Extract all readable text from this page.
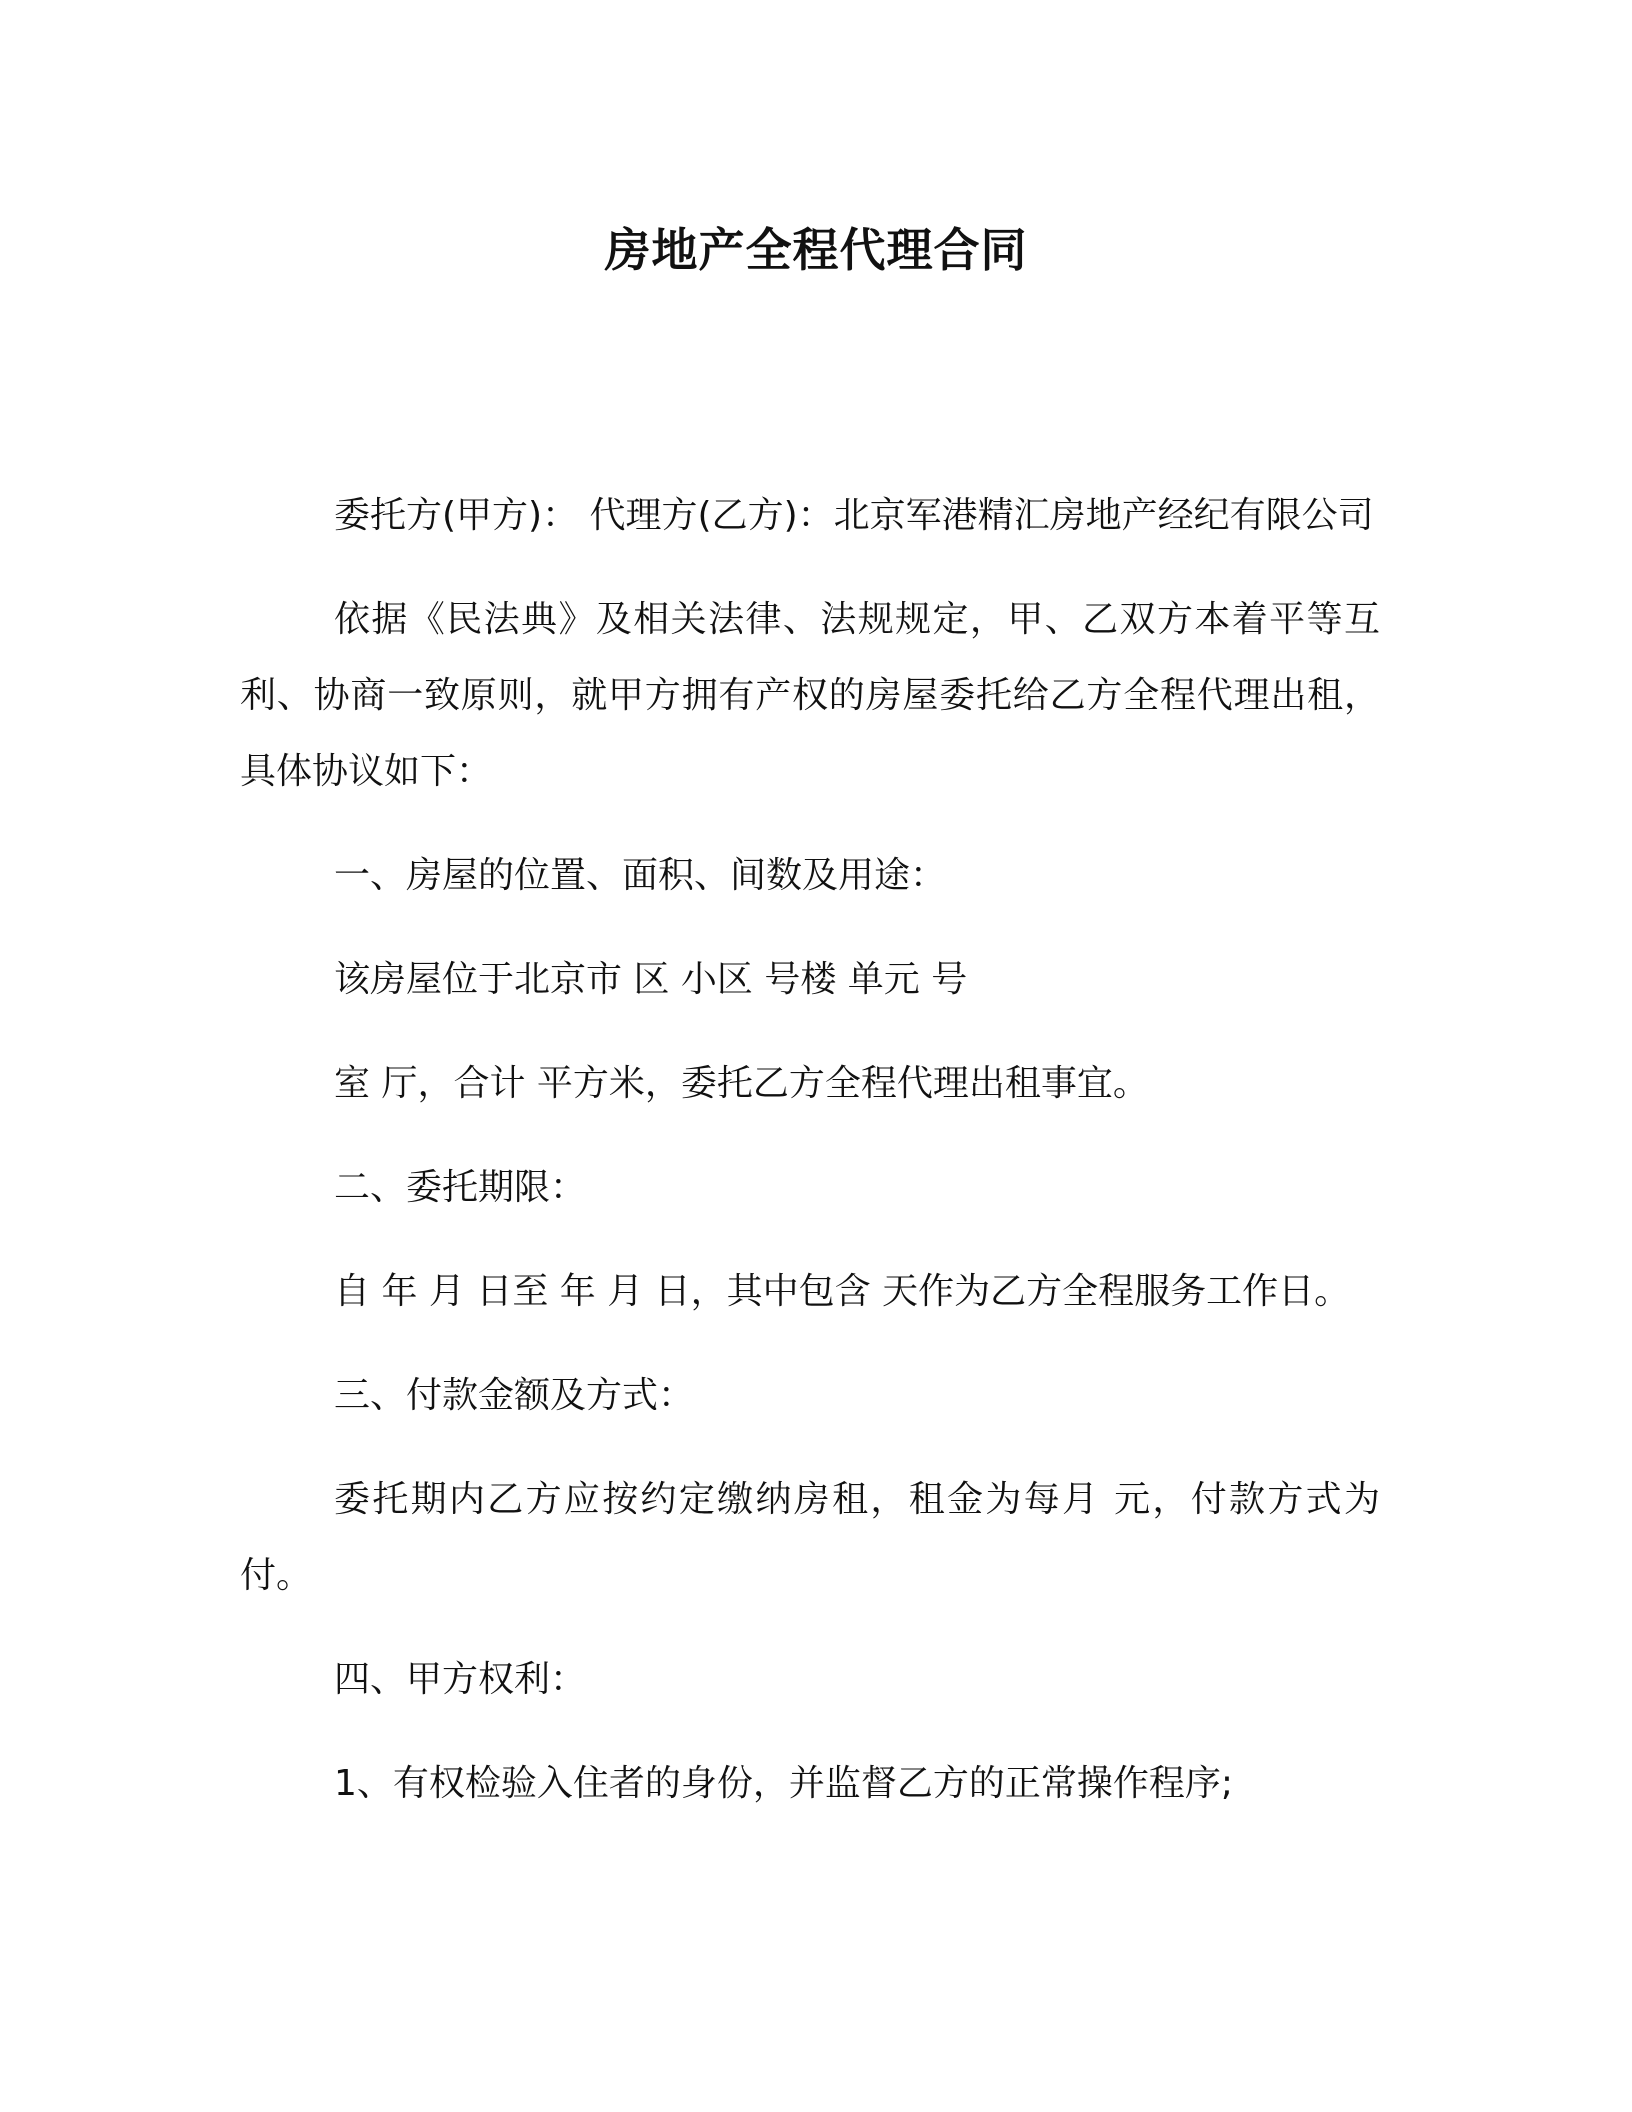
房地产全程代理合同

委托方(甲方)： 代理方(乙方)：北京军港精汇房地产经纪有限公司

依据《民法典》及相关法律、法规规定，甲、乙双方本着平等互利、协商一致原则，就甲方拥有产权的房屋委托给乙方全程代理出租，具体协议如下：

一、房屋的位置、面积、间数及用途：

该房屋位于北京市 区 小区 号楼 单元 号

室 厅，合计 平方米，委托乙方全程代理出租事宜。

二、委托期限：

自 年 月 日至 年 月 日，其中包含 天作为乙方全程服务工作日。

三、付款金额及方式：

委托期内乙方应按约定缴纳房租，租金为每月 元，付款方式为 付。

四、甲方权利：

1、有权检验入住者的身份，并监督乙方的正常操作程序;
